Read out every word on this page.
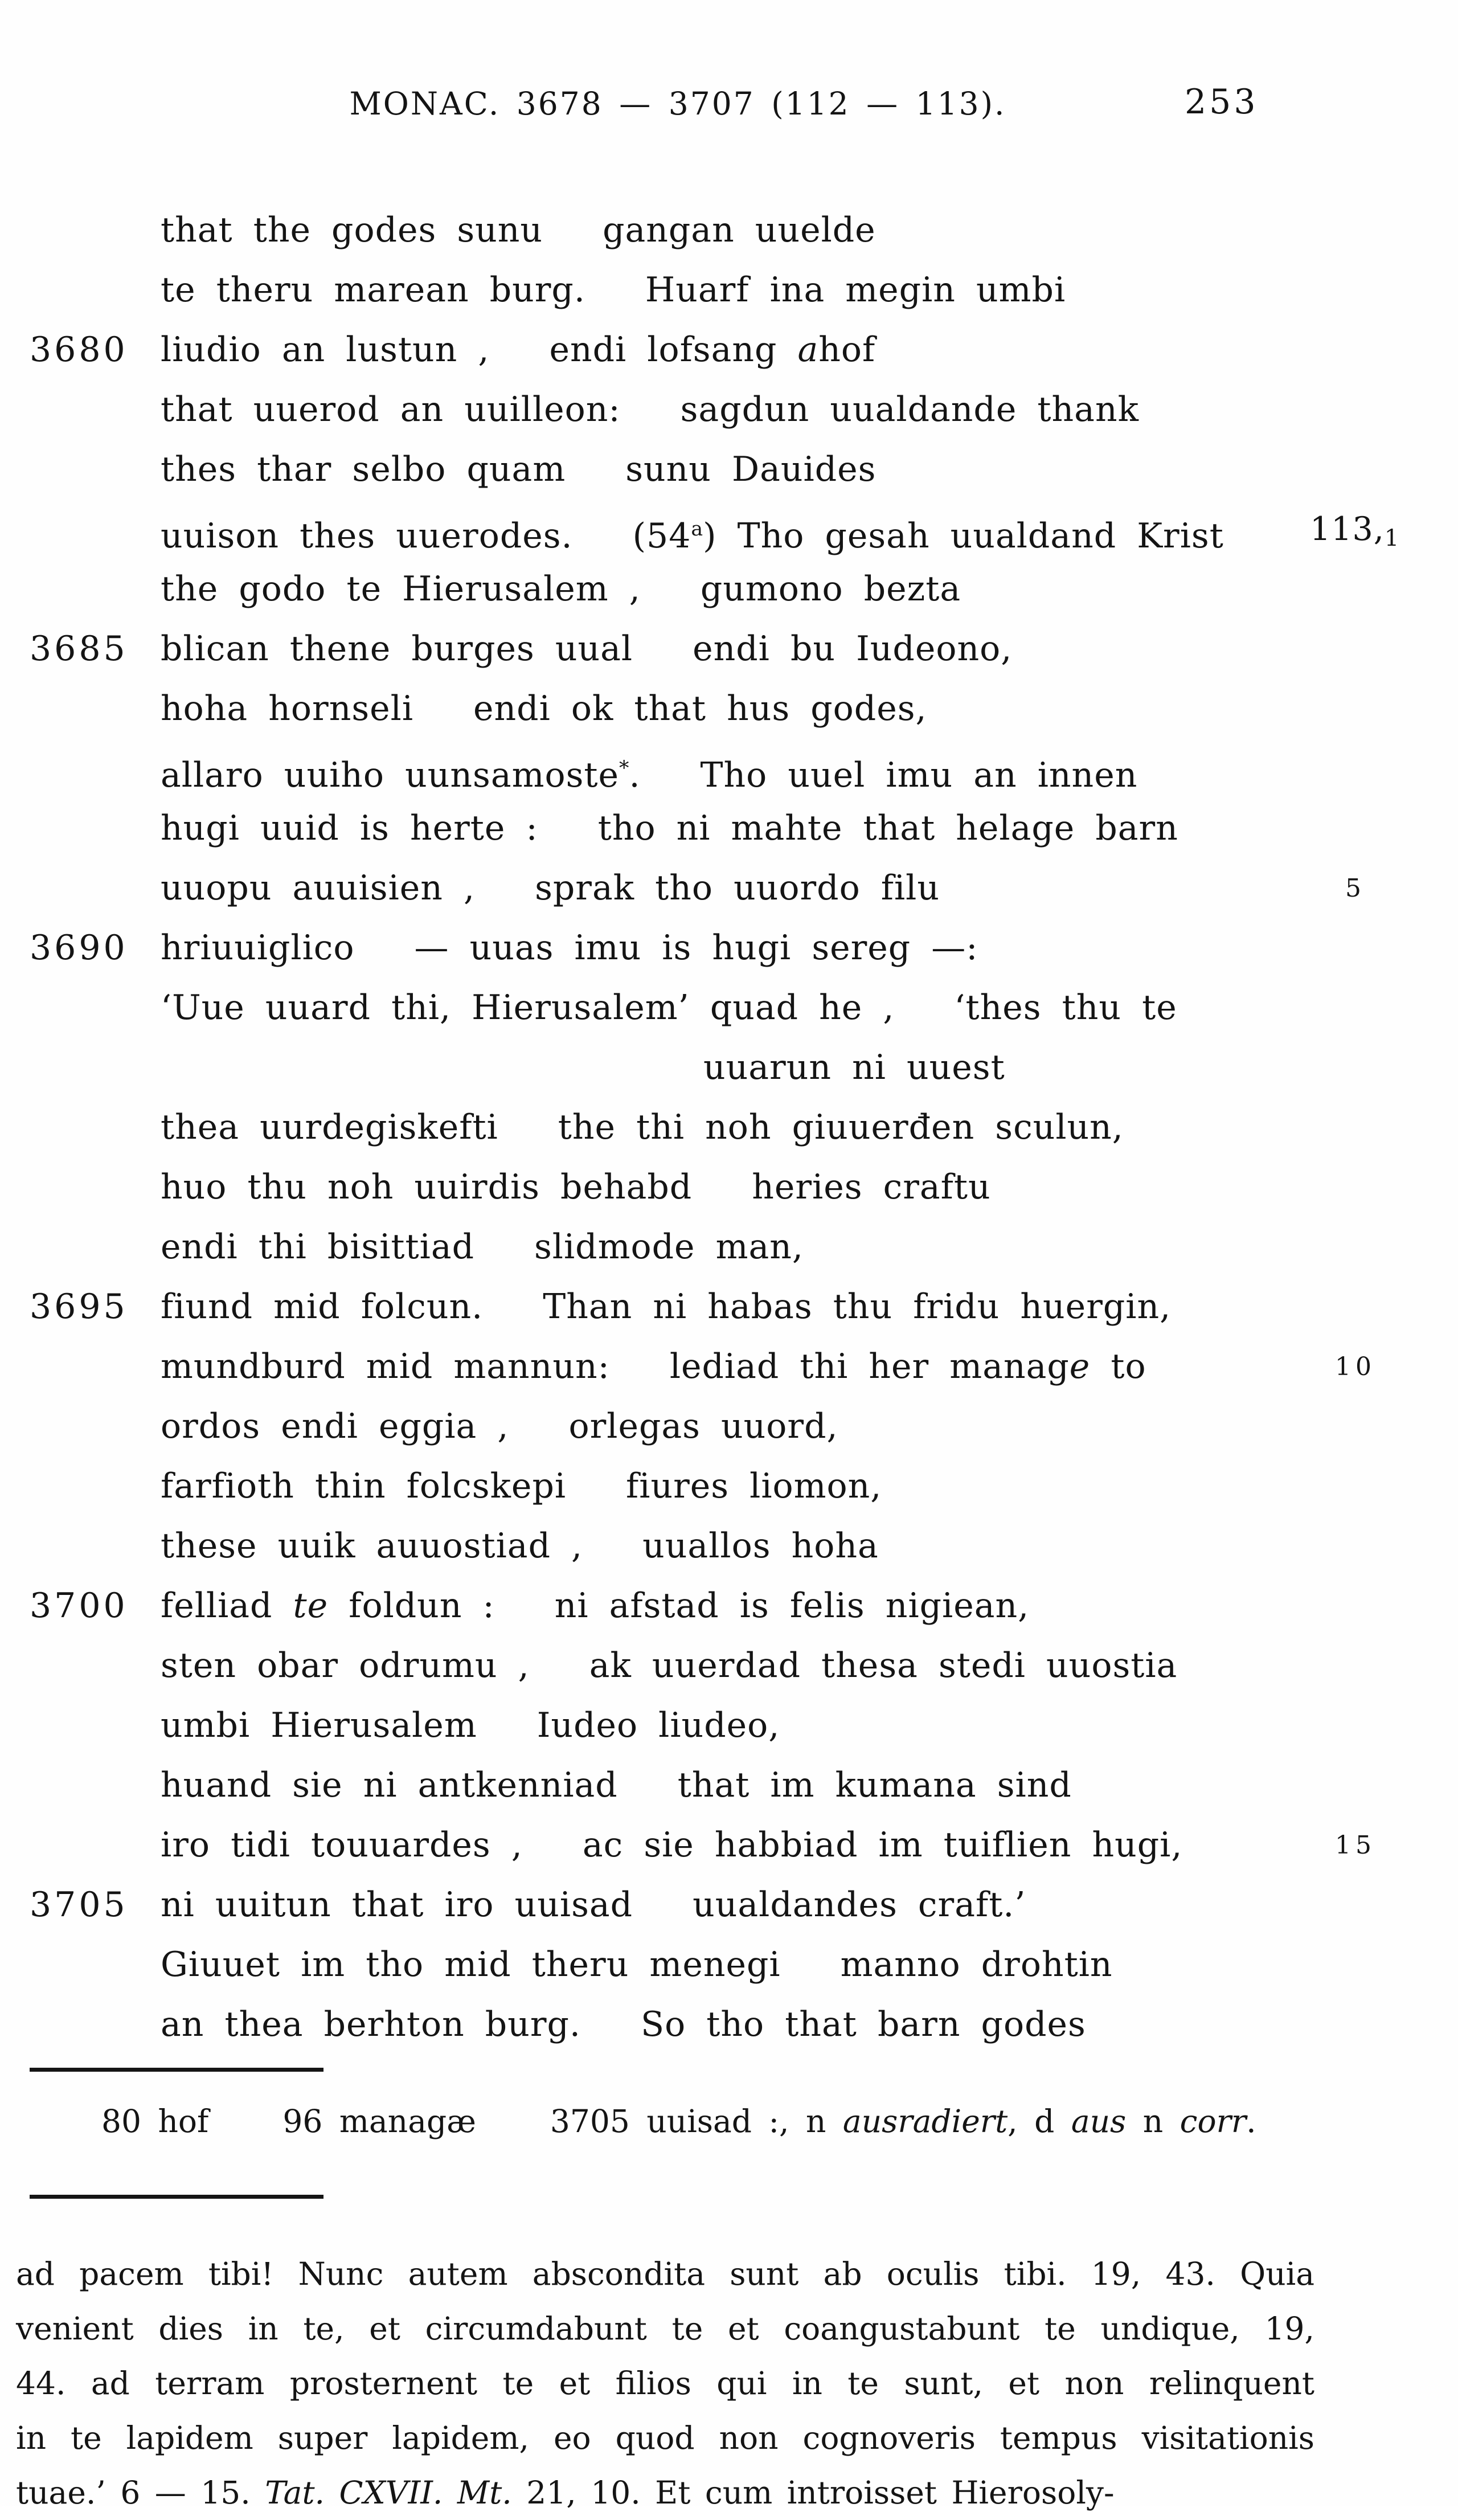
MONAC. 3678 — 3707 (112 — 113).	253
that the godes sunu gangan uuelde
te theru marean burg. Huarf ina megin umbi
3680 liudio an lustun , endi lofsang ahof
that uuerod an uuilleon: sagdun uualdande thank
thes thar selbo quam sunu Dauides
uuison thes uuerodes. (54$^a$) Tho gesah uualdand Krist	$113,_1$
the godo te Hierusalem , gumono bezta
3685 blican thene burges uual endi bu Iudeono,
hoha hornseli endi ok that hus godes,
allaro uuiho uunsamoste*. Tho uuel imu an innen
hugi uuid is herte : tho ni mahte that helage barn
uuopu auuisien , sprak tho uuordo filu	5
3690 hriuuiglico — uuas imu is hugi sereg —:
‘Uue uuard thi, Hierusalem’ quad he , ‘thes thu te
uuarun ni uuest
thea uurdegiskefti the thi noh giuuerđen sculun,
huo thu noh uuirdis behabd heries craftu
endi thi bisittiad slidmode man,
3695 fiund mid folcun. Than ni habas thu fridu huergin,
mundburd mid mannun: lediad thi her manage to	10
ordos endi eggia , orlegas uuord,
farfioth thin folcskepi fiures liomon,
these uuik auuostiad , uuallos hoha
3700 felliad te foldun : ni afstad is felis nigiean,
sten obar odrumu , ak uuerdad thesa stedi uuostia
umbi Hierusalem Iudeo liudeo,
huand sie ni antkenniad that im kumana sind
iro tidi touuardes , ac sie habbiad im tuiflien hugi,	15
3705 ni uuitun that iro uuisad uualdandes craft.’
Giuuet im tho mid theru menegi manno drohtin
an thea berhton burg. So tho that barn godes
80 hof 96 managæ 3705 uuisad :, n ausradiert, d aus n corr.
ad pacem tibi! Nunc autem abscondita sunt ab oculis tibi. 19, 43. Quia
venient dies in te, et circumdabunt te et coangustabunt te undique, 19,
44. ad terram prosternent te et filios qui in te sunt, et non relinquent
in te lapidem super lapidem, eo quod non cognoveris tempus visitationis
tuae.’ 6 — 15. Tat. CXVII. Mt. 21, 10. Et cum introisset Hierosoly-
